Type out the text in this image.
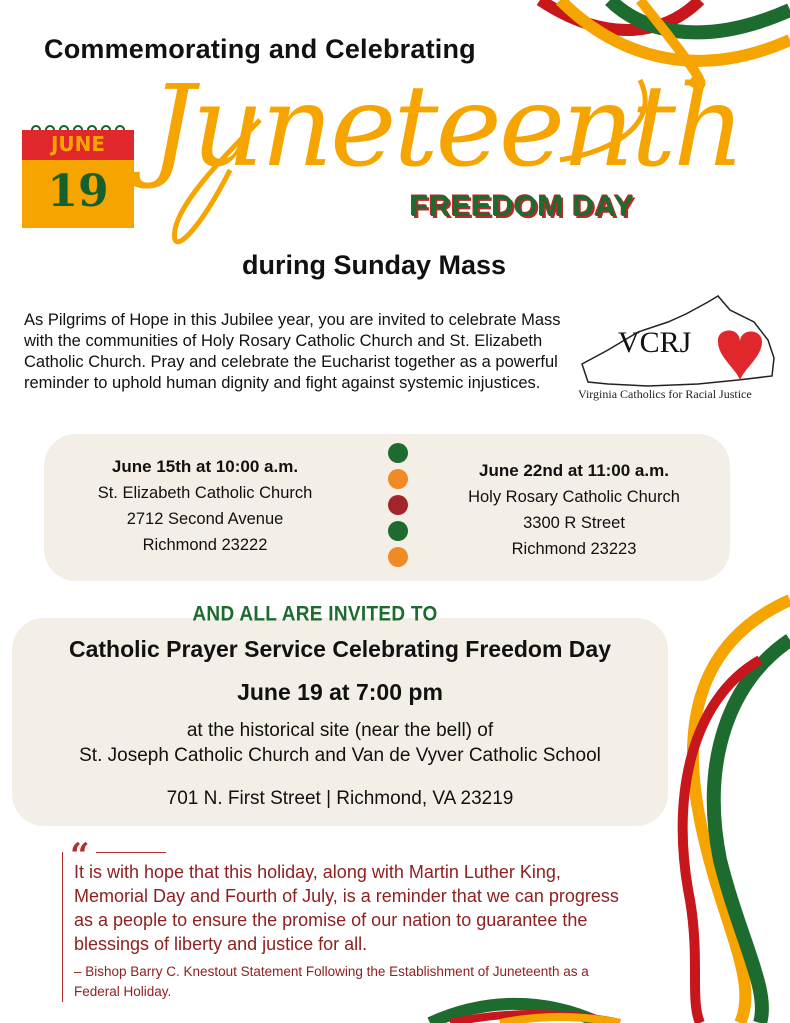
Commemorating and Celebrating
JUNE
19 Juneteenth
FREEDOM DAY
during Sunday Mass
As Pilgrims of Hope in this Jubilee year, you are invited to celebrate Mass with the communities of Holy Rosary Catholic Church and St. Elizabeth Catholic Church. Pray and celebrate the Eucharist together as a powerful reminder to uphold human dignity and fight against systemic injustices.
VCRJ
Virginia Catholics for Racial Justice
June 15th at 10:00 a.m.
St. Elizabeth Catholic Church
2712 Second Avenue
Richmond 23222
June 22nd at 11:00 a.m.
Holy Rosary Catholic Church
3300 R Street
Richmond 23223
AND ALL ARE INVITED TO
Catholic Prayer Service Celebrating Freedom Day
June 19 at 7:00 pm
at the historical site (near the bell) of
St. Joseph Catholic Church and Van de Vyver Catholic School
701 N. First Street | Richmond, VA 23219
“
It is with hope that this holiday, along with Martin Luther King, Memorial Day and Fourth of July, is a reminder that we can progress as a people to ensure the promise of our nation to guarantee the blessings of liberty and justice for all.
– Bishop Barry C. Knestout Statement Following the Establishment of Juneteenth as a Federal Holiday.
